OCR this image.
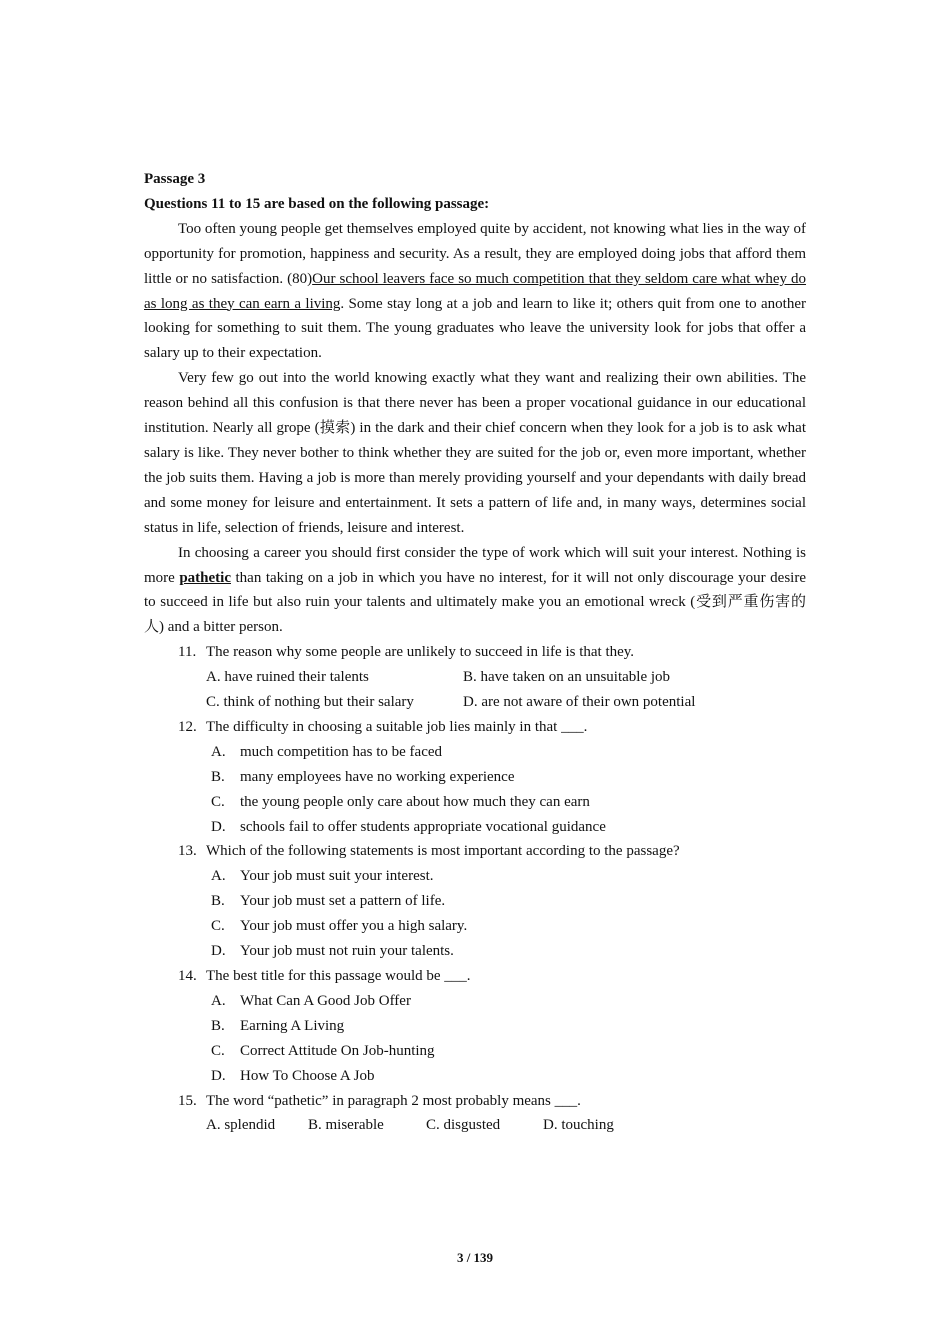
Passage 3
Questions 11 to 15 are based on the following passage:

Too often young people get themselves employed quite by accident, not knowing what lies in the way of opportunity for promotion, happiness and security. As a result, they are employed doing jobs that afford them little or no satisfaction. (80)Our school leavers face so much competition that they seldom care what whey do as long as they can earn a living. Some stay long at a job and learn to like it; others quit from one to another looking for something to suit them. The young graduates who leave the university look for jobs that offer a salary up to their expectation.

Very few go out into the world knowing exactly what they want and realizing their own abilities. The reason behind all this confusion is that there never has been a proper vocational guidance in our educational institution. Nearly all grope (摸索) in the dark and their chief concern when they look for a job is to ask what salary is like. They never bother to think whether they are suited for the job or, even more important, whether the job suits them. Having a job is more than merely providing yourself and your dependants with daily bread and some money for leisure and entertainment. It sets a pattern of life and, in many ways, determines social status in life, selection of friends, leisure and interest.

In choosing a career you should first consider the type of work which will suit your interest. Nothing is more pathetic than taking on a job in which you have no interest, for it will not only discourage your desire to succeed in life but also ruin your talents and ultimately make you an emotional wreck (受到严重伤害的人) and a bitter person.

11. The reason why some people are unlikely to succeed in life is that they.
A. have ruined their talents	B. have taken on an unsuitable job
C. think of nothing but their salary	D. are not aware of their own potential
12. The difficulty in choosing a suitable job lies mainly in that ___.
A. much competition has to be faced
B.	many employees have no working experience
C.	the young people only care about how much they can earn
D. schools fail to offer students appropriate vocational guidance
13. Which of the following statements is most important according to the passage?
A. Your job must suit your interest.
B.	Your job must set a pattern of life.
C.	Your job must offer you a high salary.
D. Your job must not ruin your talents.
14. The best title for this passage would be ___.
A. What Can A Good Job Offer
B.	Earning A Living
C.	Correct Attitude On Job-hunting
D. How To Choose A Job
15. The word “pathetic” in paragraph 2 most probably means ___.
A. splendid	B. miserable	C. disgusted	D. touching
3 / 139
